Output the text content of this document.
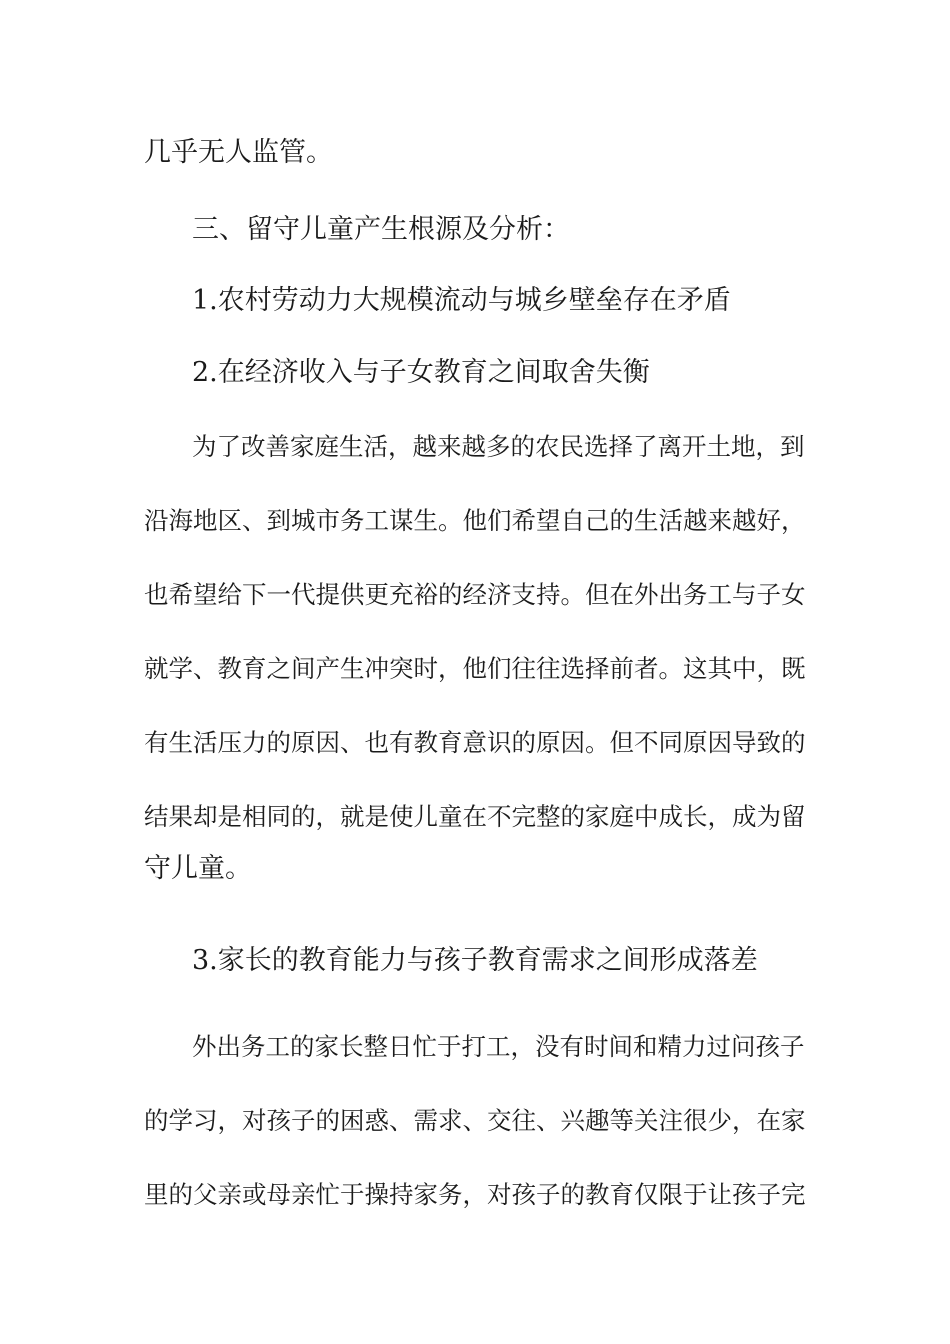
几乎无人监管。

三、留守儿童产生根源及分析：

1.农村劳动力大规模流动与城乡壁垒存在矛盾

2.在经济收入与子女教育之间取舍失衡

为了改善家庭生活，越来越多的农民选择了离开土地，到

沿海地区、到城市务工谋生。他们希望自己的生活越来越好，

也希望给下一代提供更充裕的经济支持。但在外出务工与子女

就学、教育之间产生冲突时，他们往往选择前者。这其中，既

有生活压力的原因、也有教育意识的原因。但不同原因导致的

结果却是相同的，就是使儿童在不完整的家庭中成长，成为留

守儿童。

3.家长的教育能力与孩子教育需求之间形成落差

外出务工的家长整日忙于打工，没有时间和精力过问孩子

的学习，对孩子的困惑、需求、交往、兴趣等关注很少，在家

里的父亲或母亲忙于操持家务，对孩子的教育仅限于让孩子完
